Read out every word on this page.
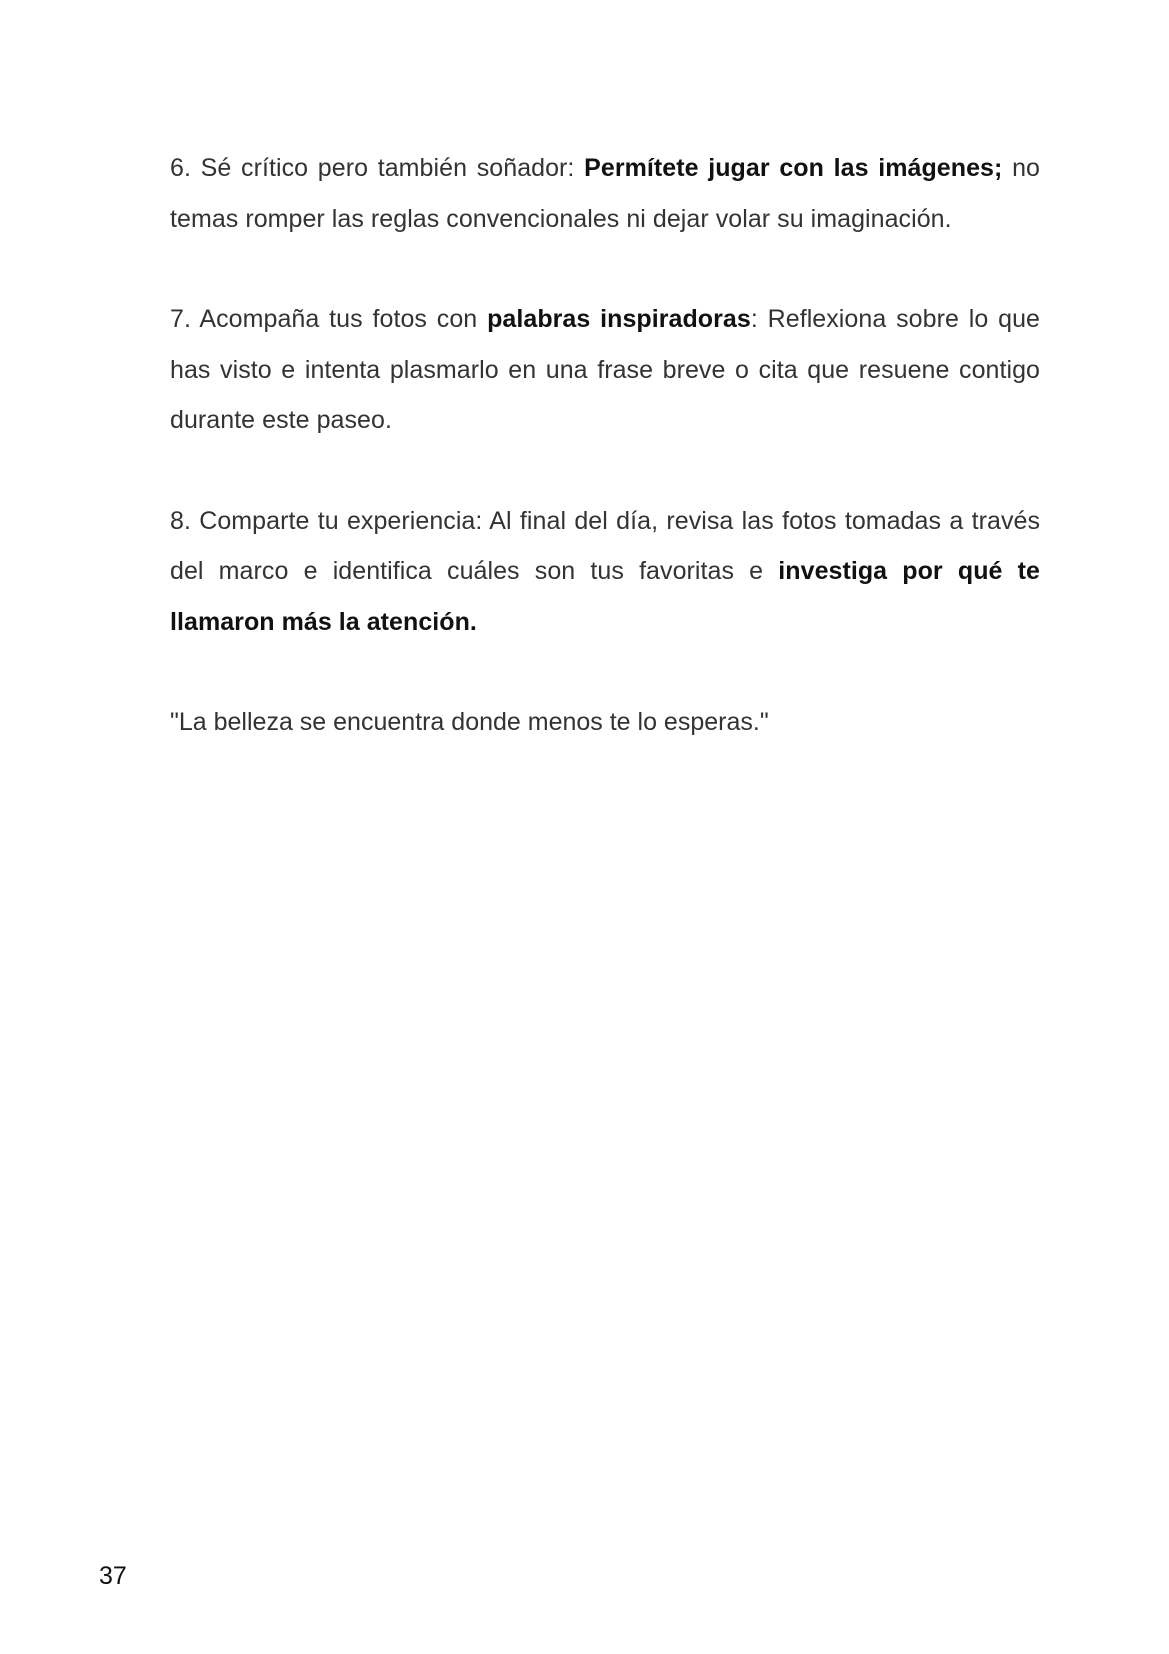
6. Sé crítico pero también soñador: Permítete jugar con las imágenes; no temas romper las reglas convencionales ni dejar volar su imaginación.

7. Acompaña tus fotos con palabras inspiradoras: Reflexiona sobre lo que has visto e intenta plasmarlo en una frase breve o cita que resuene contigo durante este paseo.

8. Comparte tu experiencia: Al final del día, revisa las fotos tomadas a través del marco e identifica cuáles son tus favoritas e investiga por qué te llamaron más la atención.

"La belleza se encuentra donde menos te lo esperas."

37
